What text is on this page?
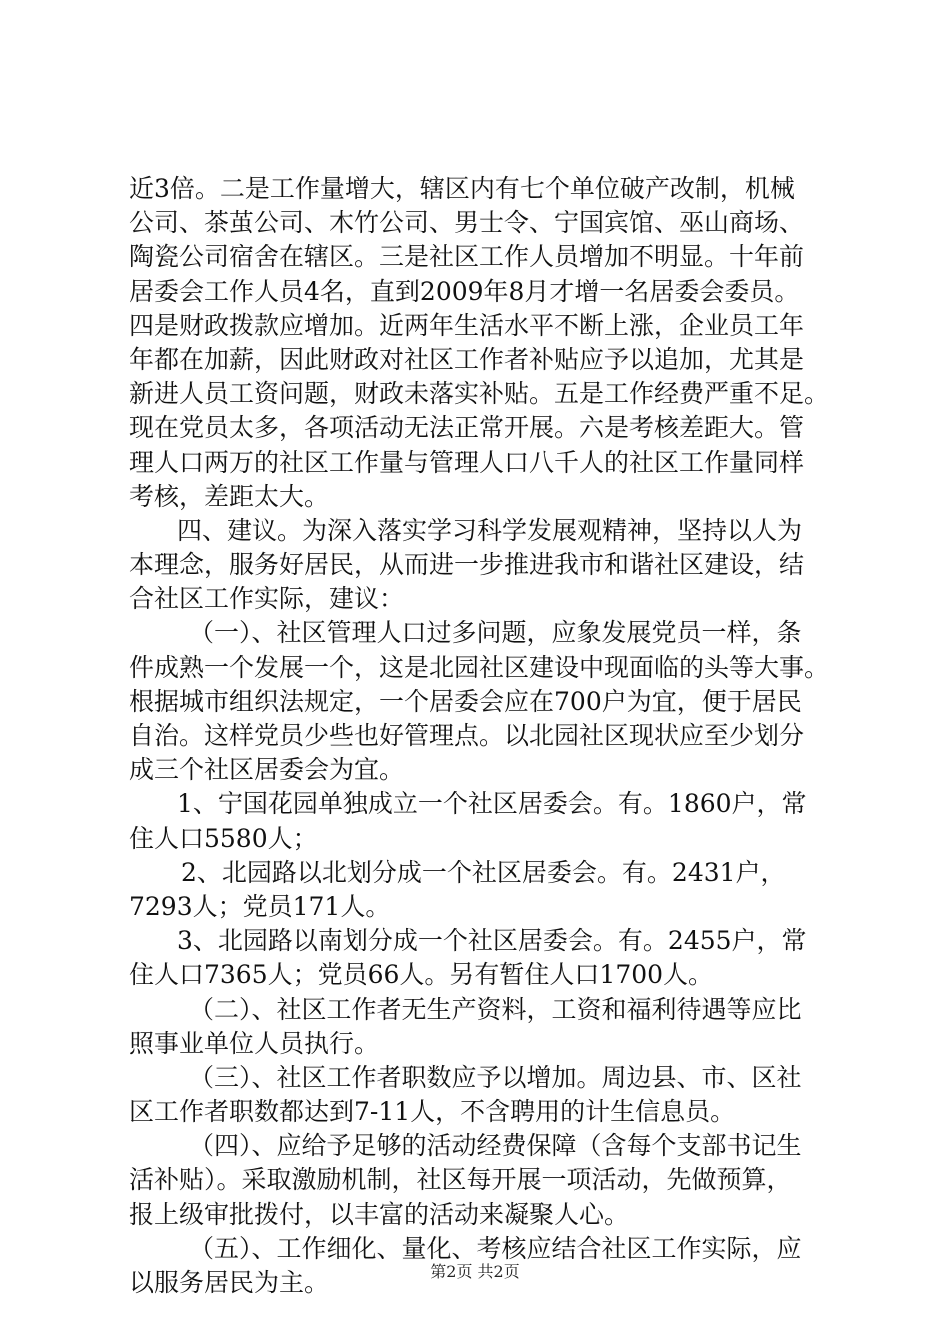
近3倍。二是工作量增大，辖区内有七个单位破产改制，机械
公司、茶茧公司、木竹公司、男士令、宁国宾馆、巫山商场、
陶瓷公司宿舍在辖区。三是社区工作人员增加不明显。十年前
居委会工作人员4名，直到2009年8月才增一名居委会委员。
四是财政拨款应增加。近两年生活水平不断上涨，企业员工年
年都在加薪，因此财政对社区工作者补贴应予以追加，尤其是
新进人员工资问题，财政未落实补贴。五是工作经费严重不足。
现在党员太多，各项活动无法正常开展。六是考核差距大。管
理人口两万的社区工作量与管理人口八千人的社区工作量同样
考核，差距太大。
四、建议。为深入落实学习科学发展观精神，坚持以人为
本理念，服务好居民，从而进一步推进我市和谐社区建设，结
合社区工作实际，建议：
（一）、社区管理人口过多问题，应象发展党员一样，条
件成熟一个发展一个，这是北园社区建设中现面临的头等大事。
根据城市组织法规定，一个居委会应在700户为宜，便于居民
自治。这样党员少些也好管理点。以北园社区现状应至少划分
成三个社区居委会为宜。
1、宁国花园单独成立一个社区居委会。有。1860户，常
住人口5580人；
2、北园路以北划分成一个社区居委会。有。2431户，
7293人；党员171人。
3、北园路以南划分成一个社区居委会。有。2455户，常
住人口7365人；党员66人。另有暂住人口1700人。
（二）、社区工作者无生产资料，工资和福利待遇等应比
照事业单位人员执行。
（三）、社区工作者职数应予以增加。周边县、市、区社
区工作者职数都达到7-11人，不含聘用的计生信息员。
（四）、应给予足够的活动经费保障（含每个支部书记生
活补贴）。采取激励机制，社区每开展一项活动，先做预算，
报上级审批拨付，以丰富的活动来凝聚人心。
（五）、工作细化、量化、考核应结合社区工作实际，应
以服务居民为主。	第2页 共2页
